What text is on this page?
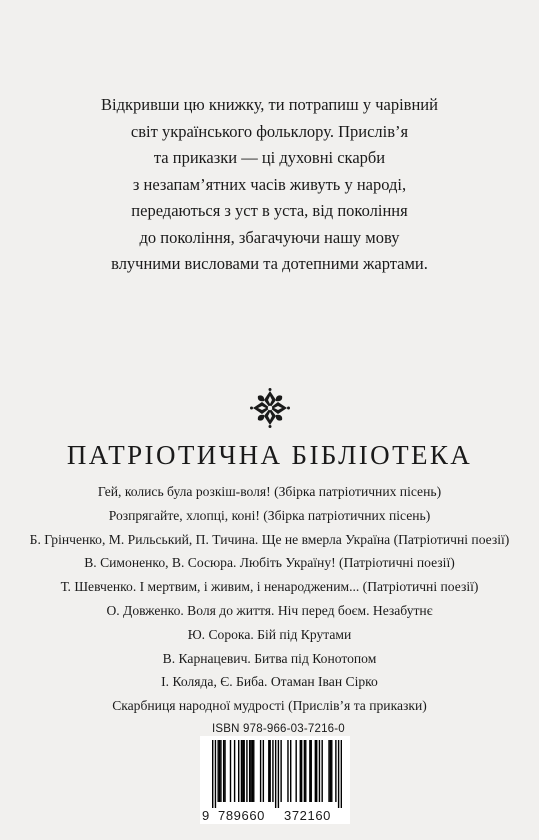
Відкривши цю книжку, ти потрапиш у чарівний
світ українського фольклору. Прислів’я
та приказки — ці духовні скарби
з незапам’ятних часів живуть у народі,
передаються з уст в уста, від покоління
до покоління, збагачуючи нашу мову
влучними висловами та дотепними жартами.
ПАТРІОТИЧНА БІБЛІОТЕКА
Гей, колись була розкіш-воля! (Збірка патріотичних пісень)
Розпрягайте, хлопці, коні! (Збірка патріотичних пісень)
Б. Грінченко, М. Рильський, П. Тичина. Ще не вмерла Україна (Патріотичні поезії)
В. Симоненко, В. Сосюра. Любіть Україну! (Патріотичні поезії)
Т. Шевченко. І мертвим, і живим, і ненародженим... (Патріотичні поезії)
О. Довженко. Воля до життя. Ніч перед боєм. Незабутнє
Ю. Сорока. Бій під Крутами
В. Карнацевич. Битва під Конотопом
І. Коляда, Є. Биба. Отаман Іван Сірко
Скарбниця народної мудрості (Прислів’я та приказки)
ISBN 978-966-03-7216-0
9 789660 372160
